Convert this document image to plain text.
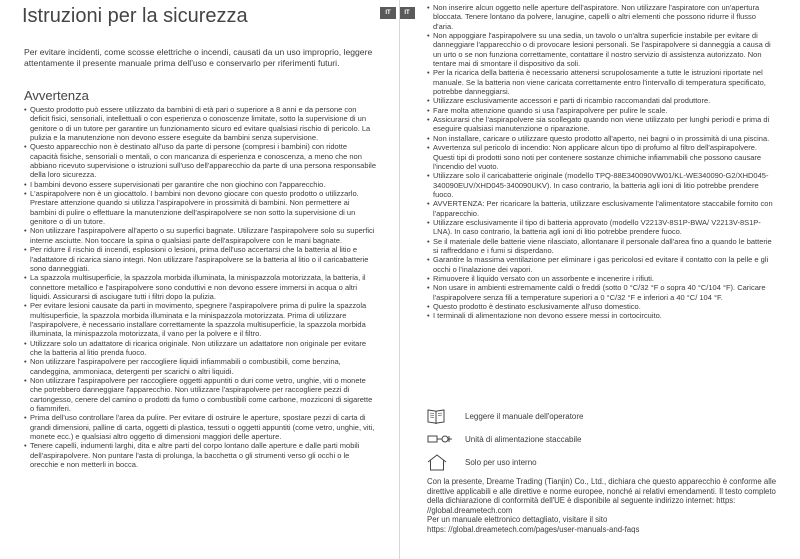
Istruzioni per la sicurezza	IT	IT

Per evitare incidenti, come scosse elettriche o incendi, causati da un uso improprio, leggere attentamente il presente manuale prima dell'uso e conservarlo per riferimenti futuri.

Avvertenza
• Questo prodotto può essere utilizzato da bambini di età pari o superiore a 8 anni e da persone con deficit fisici, sensoriali, intellettuali o con esperienza o conoscenze limitate, sotto la supervisione di un genitore o di un tutore per garantire un funzionamento sicuro ed evitare qualsiasi rischio di pericolo. La pulizia e la manutenzione non devono essere eseguite da bambini senza supervisione.
• Questo apparecchio non è destinato all'uso da parte di persone (compresi i bambini) con ridotte capacità fisiche, sensoriali o mentali, o con mancanza di esperienza e conoscenza, a meno che non abbiano ricevuto supervisione o istruzioni sull'uso dell'apparecchio da parte di una persona responsabile della loro sicurezza.
• I bambini devono essere supervisionati per garantire che non giochino con l'apparecchio.
• L'aspirapolvere non è un giocattolo. I bambini non devono giocare con questo prodotto o utilizzarlo. Prestare attenzione quando si utilizza l'aspirapolvere in prossimità di bambini. Non permettere ai bambini di pulire o effettuare la manutenzione dell'aspirapolvere se non sotto la supervisione di un genitore o di un tutore.
• Non utilizzare l'aspirapolvere all'aperto o su superfici bagnate. Utilizzare l'aspirapolvere solo su superfici interne asciutte. Non toccare la spina o qualsiasi parte dell'aspirapolvere con le mani bagnate.
• Per ridurre il rischio di incendi, esplosioni o lesioni, prima dell'uso accertarsi che la batteria al litio e l'adattatore di ricarica siano integri. Non utilizzare l'aspirapolvere se la batteria al litio o il caricabatterie sono danneggiati.
• La spazzola multisuperficie, la spazzola morbida illuminata, la minispazzola motorizzata, la batteria, il connettore metallico e l'aspirapolvere sono conduttivi e non devono essere immersi in acqua o altri liquidi. Assicurarsi di asciugare tutti i filtri dopo la pulizia.
• Per evitare lesioni causate da parti in movimento, spegnere l'aspirapolvere prima di pulire la spazzola multisuperficie, la spazzola morbida illuminata e la minispazzola motorizzata. Prima di utilizzare l'aspirapolvere, è necessario installare correttamente la spazzola multisuperficie, la spazzola morbida illuminata, la minispazzola motorizzata, il vano per la polvere e il filtro.
• Utilizzare solo un adattatore di ricarica originale. Non utilizzare un adattatore non originale per evitare che la batteria al litio prenda fuoco.
• Non utilizzare l'aspirapolvere per raccogliere liquidi infiammabili o combustibili, come benzina, candeggina, ammoniaca, detergenti per scarichi o altri liquidi.
• Non utilizzare l'aspirapolvere per raccogliere oggetti appuntiti o duri come vetro, unghie, viti o monete che potrebbero danneggiare l'apparecchio. Non utilizzare l'aspirapolvere per raccogliere pezzi di cartongesso, cenere del camino o prodotti da fumo o combustibili come carbone, mozziconi di sigarette o fiammiferi.
• Prima dell'uso controllare l'area da pulire. Per evitare di ostruire le aperture, spostare pezzi di carta di grandi dimensioni, palline di carta, oggetti di plastica, tessuti o oggetti appuntiti (come vetro, unghie, viti, monete ecc.) e qualsiasi altro oggetto di dimensioni maggiori delle aperture.
• Tenere capelli, indumenti larghi, dita e altre parti del corpo lontano dalle aperture e dalle parti mobili dell'aspirapolvere. Non puntare l'asta di prolunga, la bacchetta o gli strumenti verso gli occhi o le orecchie e non metterli in bocca.
• Non inserire alcun oggetto nelle aperture dell'aspiratore. Non utilizzare l'aspiratore con un'apertura bloccata. Tenere lontano da polvere, lanugine, capelli o altri elementi che possono ridurre il flusso d'aria.
• Non appoggiare l'aspirapolvere su una sedia, un tavolo o un'altra superficie instabile per evitare di danneggiare l'apparecchio o di provocare lesioni personali. Se l'aspirapolvere si danneggia a causa di un urto o se non funziona correttamente, contattare il nostro servizio di assistenza autorizzato. Non tentare mai di smontare il dispositivo da soli.
• Per la ricarica della batteria è necessario attenersi scrupolosamente a tutte le istruzioni riportate nel manuale. Se la batteria non viene caricata correttamente entro l'intervallo di temperatura specificato, potrebbe danneggiarsi.
• Utilizzare esclusivamente accessori e parti di ricambio raccomandati dal produttore.
• Fare molta attenzione quando si usa l'aspirapolvere per pulire le scale.
• Assicurarsi che l'aspirapolvere sia scollegato quando non viene utilizzato per lunghi periodi e prima di eseguire qualsiasi manutenzione o riparazione.
• Non installare, caricare o utilizzare questo prodotto all'aperto, nei bagni o in prossimità di una piscina.
• Avvertenza sul pericolo di incendio: Non applicare alcun tipo di profumo al filtro dell'aspirapolvere. Questi tipi di prodotti sono noti per contenere sostanze chimiche infiammabili che possono causare l'incendio del vuoto.
• Utilizzare solo il caricabatterie originale (modello TPQ-88E340090VW01/KL-WE340090-G2/XHD045-340090EUV/XHD045-340090UKV). In caso contrario, la batteria agli ioni di litio potrebbe prendere fuoco.
• AVVERTENZA: Per ricaricare la batteria, utilizzare esclusivamente l'alimentatore staccabile fornito con l'apparecchio.
• Utilizzare esclusivamente il tipo di batteria approvato (modello V2213V-8S1P-BWA/ V2213V-8S1P-LNA). In caso contrario, la batteria agli ioni di litio potrebbe prendere fuoco.
• Se il materiale delle batterie viene rilasciato, allontanare il personale dall'area fino a quando le batterie si raffreddano e i fumi si disperdano.
• Garantire la massima ventilazione per eliminare i gas pericolosi ed evitare il contatto con la pelle e gli occhi o l'inalazione dei vapori.
• Rimuovere il liquido versato con un assorbente e incenerire i rifiuti.
• Non usare in ambienti estremamente caldi o freddi (sotto 0 °C/32 °F o sopra 40 °C/104 °F). Caricare l'aspirapolvere senza fili a temperature superiori a 0 °C/32 °F e inferiori a 40 °C/ 104 °F.
• Questo prodotto è destinato esclusivamente all'uso domestico.
• I terminali di alimentazione non devono essere messi in cortocircuito.
Leggere il manuale dell'operatore
Unità di alimentazione staccabile
Solo per uso interno

Con la presente, Dreame Trading (Tianjin) Co., Ltd., dichiara che questo apparecchio è conforme alle direttive applicabili e alle direttive e norme europee, nonché ai relativi emendamenti. Il testo completo della dichiarazione di conformità dell'UE è disponibile al seguente indirizzo internet: https: //global.dreametech.com

Per un manuale elettronico dettagliato, visitare il sito

https: //global.dreametech.com/pages/user-manuals-and-faqs
